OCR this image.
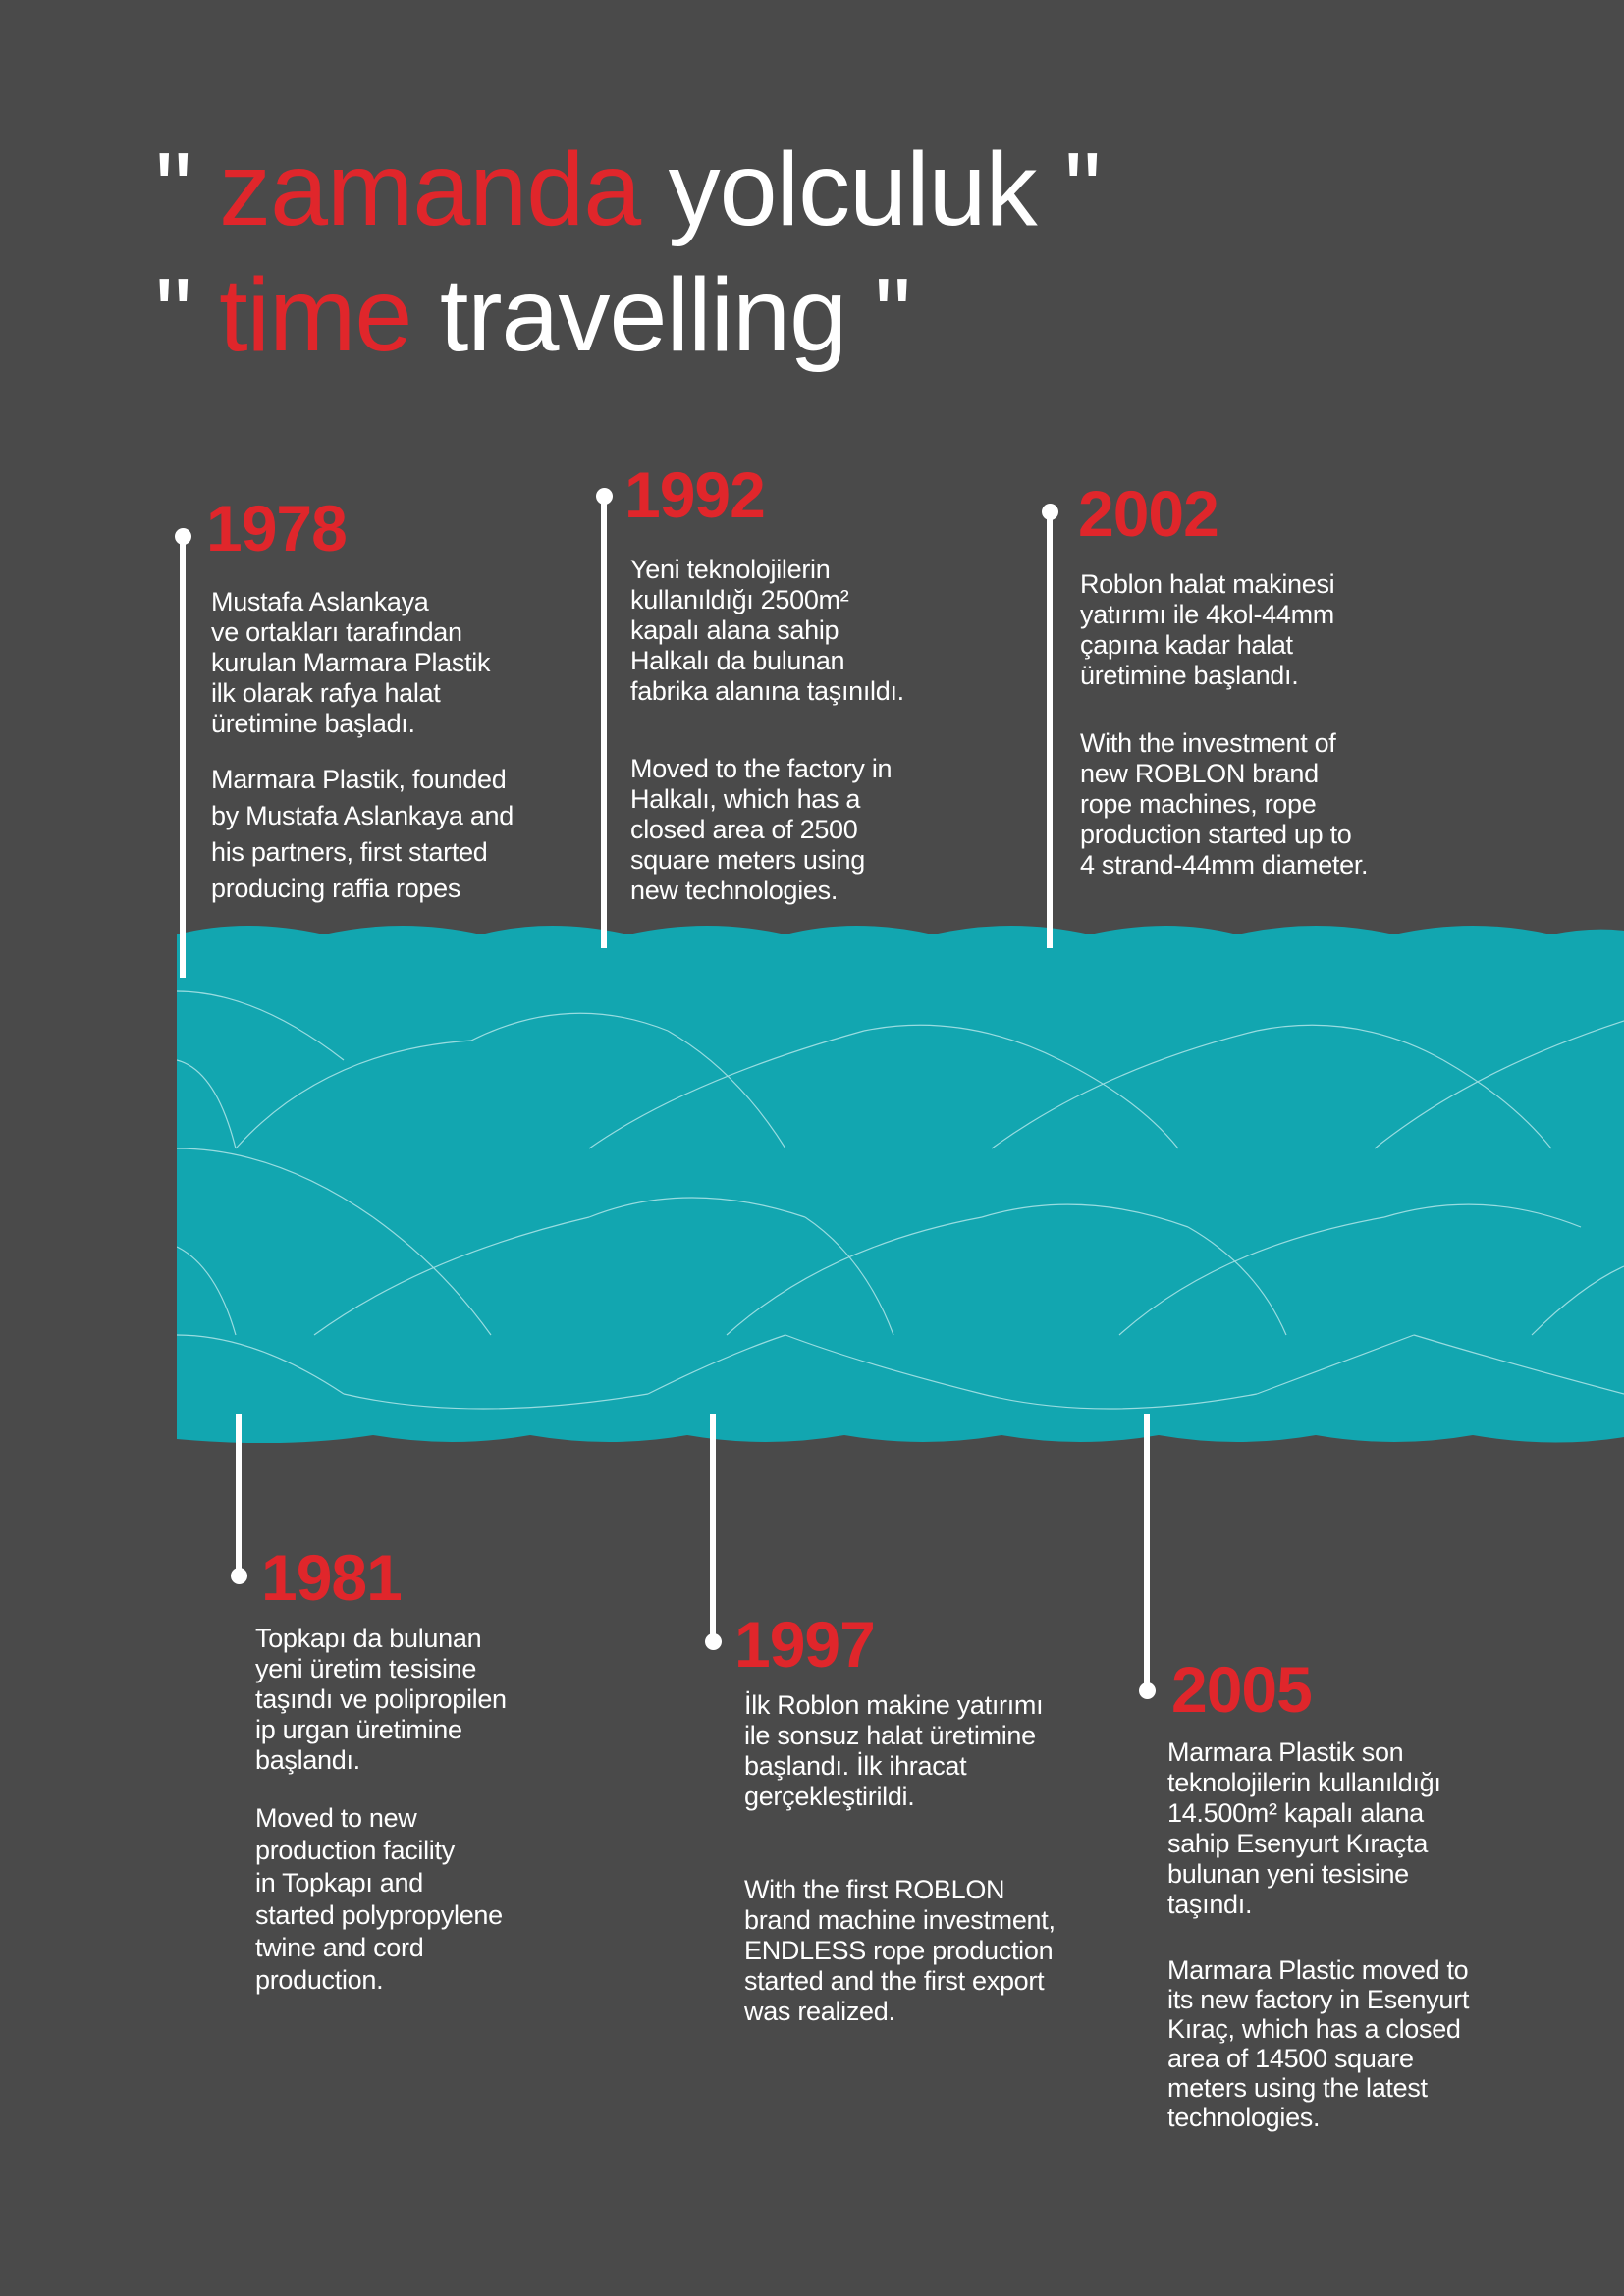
" zamanda yolculuk "
" time travelling "
1978

Mustafa Aslankaya
ve ortakları tarafından
kurulan Marmara Plastik
ilk olarak rafya halat
üretimine başladı.

Marmara Plastik, founded
by Mustafa Aslankaya and
his partners, first started
producing raffia ropes

1992

Yeni teknolojilerin
kullanıldığı 2500m²
kapalı alana sahip
Halkalı da bulunan
fabrika alanına taşınıldı.

Moved to the factory in
Halkalı, which has a
closed area of 2500
square meters using
new technologies.

2002

Roblon halat makinesi
yatırımı ile 4kol-44mm
çapına kadar halat
üretimine başlandı.

With the investment of
new ROBLON brand
rope machines, rope
production started up to
4 strand-44mm diameter.

1981

Topkapı da bulunan
yeni üretim tesisine
taşındı ve polipropilen
ip urgan üretimine
başlandı.

Moved to new
production facility
in Topkapı and
started polypropylene
twine and cord
production.

1997

İlk Roblon makine yatırımı
ile sonsuz halat üretimine
başlandı. İlk ihracat
gerçekleştirildi.

With the first ROBLON
brand machine investment,
ENDLESS rope production
started and the first export
was realized.

2005

Marmara Plastik son
teknolojilerin kullanıldığı
14.500m² kapalı alana
sahip Esenyurt Kıraçta
bulunan yeni tesisine
taşındı.

Marmara Plastic moved to
its new factory in Esenyurt
Kıraç, which has a closed
area of 14500 square
meters using the latest
technologies.
